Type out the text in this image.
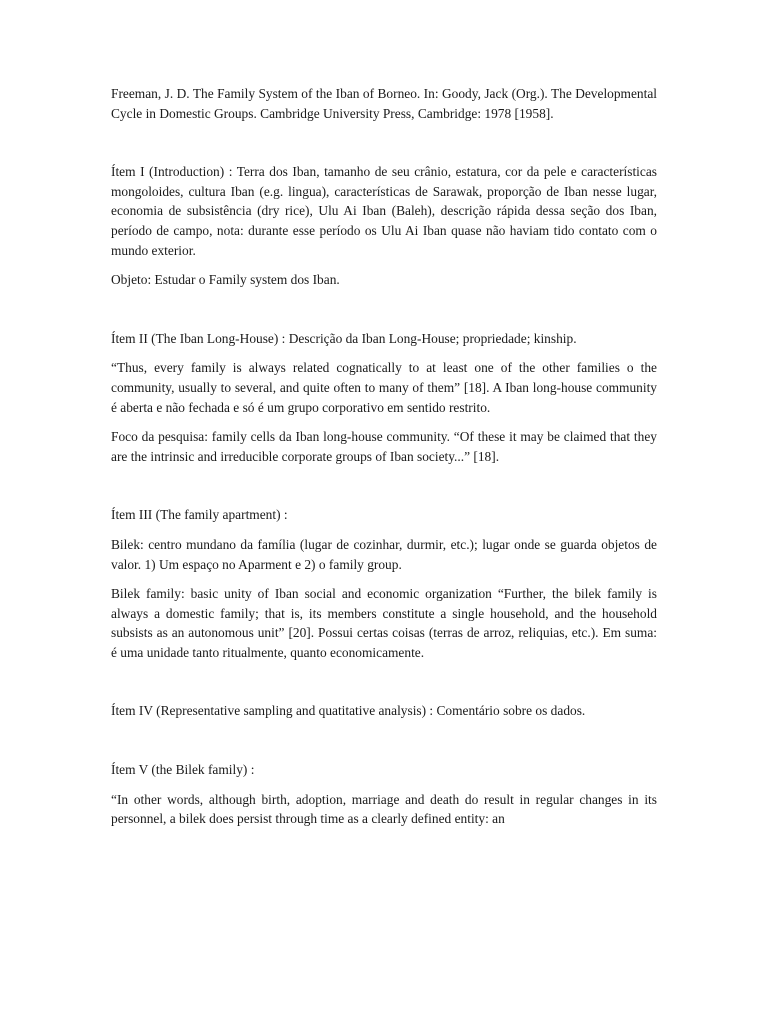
Freeman, J. D. The Family System of the Iban of Borneo. In: Goody, Jack (Org.). The Developmental Cycle in Domestic Groups. Cambridge University Press, Cambridge: 1978 [1958].

Ítem I (Introduction) : Terra dos Iban, tamanho de seu crânio, estatura, cor da pele e características mongoloides, cultura Iban (e.g. lingua), características de Sarawak, proporção de Iban nesse lugar, economia de subsistência (dry rice), Ulu Ai Iban (Baleh), descrição rápida dessa seção dos Iban, período de campo, nota: durante esse período os Ulu Ai Iban quase não haviam tido contato com o mundo exterior.

Objeto: Estudar o Family system dos Iban.

Ítem II (The Iban Long-House) : Descrição da Iban Long-House; propriedade; kinship.

“Thus, every family is always related cognatically to at least one of the other families o the community, usually to several, and quite often to many of them” [18]. A Iban long-house community é aberta e não fechada e só é um grupo corporativo em sentido restrito.

Foco da pesquisa: family cells da Iban long-house community. “Of these it may be claimed that they are the intrinsic and irreducible corporate groups of Iban society...” [18].

Ítem III (The family apartment) :

Bilek: centro mundano da família (lugar de cozinhar, durmir, etc.); lugar onde se guarda objetos de valor. 1) Um espaço no Aparment e 2) o family group.

Bilek family: basic unity of Iban social and economic organization “Further, the bilek family is always a domestic family; that is, its members constitute a single household, and the household subsists as an autonomous unit” [20]. Possui certas coisas (terras de arroz, reliquias, etc.). Em suma: é uma unidade tanto ritualmente, quanto economicamente.

Ítem IV (Representative sampling and quatitative analysis) : Comentário sobre os dados.

Ítem V (the Bilek family) :

“In other words, although birth, adoption, marriage and death do result in regular changes in its personnel, a bilek does persist through time as a clearly defined entity: an
